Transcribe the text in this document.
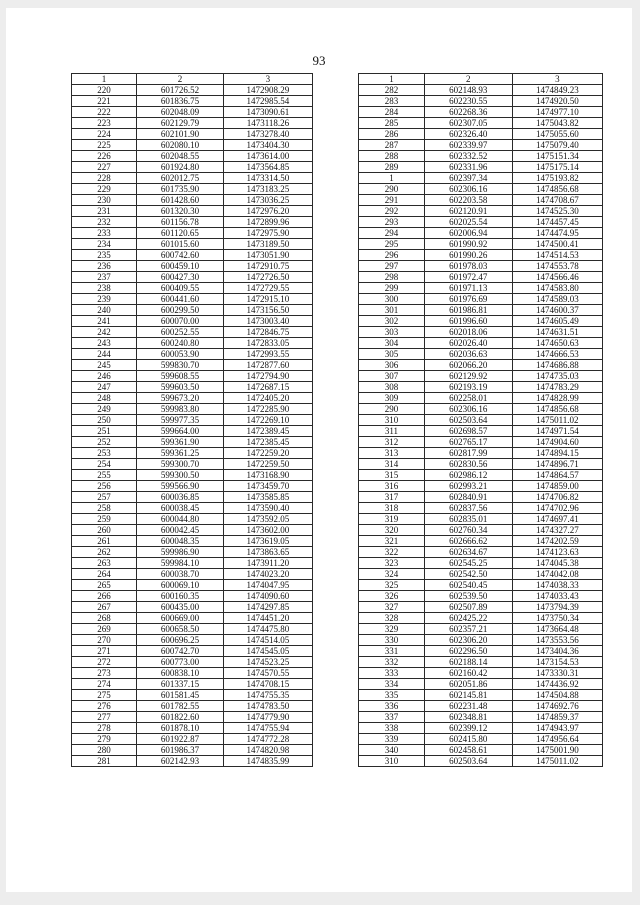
93
1	2	3
220	601726.52	1472908.29
221	601836.75	1472985.54
222	602048.09	1473090.61
223	602129.79	1473118.26
224	602101.90	1473278.40
225	602080.10	1473404.30
226	602048.55	1473614.00
227	601924.80	1473564.85
228	602012.75	1473314.50
229	601735.90	1473183.25
230	601428.60	1473036.25
231	601320.30	1472976.20
232	601156.78	1472899.96
233	601120.65	1472975.90
234	601015.60	1473189.50
235	600742.60	1473051.90
236	600459.10	1472910.75
237	600427.30	1472726.50
238	600409.55	1472729.55
239	600441.60	1472915.10
240	600299.50	1473156.50
241	600070.00	1473003.40
242	600252.55	1472846.75
243	600240.80	1472833.05
244	600053.90	1472993.55
245	599830.70	1472877.60
246	599608.55	1472794.90
247	599603.50	1472687.15
248	599673.20	1472405.20
249	599983.80	1472285.90
250	599977.35	1472269.10
251	599664.00	1472389.45
252	599361.90	1472385.45
253	599361.25	1472259.20
254	599300.70	1472259.50
255	599300.50	1473168.90
256	599566.90	1473459.70
257	600036.85	1473585.85
258	600038.45	1473590.40
259	600044.80	1473592.05
260	600042.45	1473602.00
261	600048.35	1473619.05
262	599986.90	1473863.65
263	599984.10	1473911.20
264	600038.70	1474023.20
265	600069.10	1474047.95
266	600160.35	1474090.60
267	600435.00	1474297.85
268	600669.00	1474451.20
269	600658.50	1474475.80
270	600696.25	1474514.05
271	600742.70	1474545.05
272	600773.00	1474523.25
273	600838.10	1474570.55
274	601337.15	1474708.15
275	601581.45	1474755.35
276	601782.55	1474783.50
277	601822.60	1474779.90
278	601878.10	1474755.94
279	601922.87	1474772.28
280	601986.37	1474820.98
281	602142.93	1474835.99
1	2	3
282	602148.93	1474849.23
283	602230.55	1474920.50
284	602268.36	1474977.10
285	602307.05	1475043.82
286	602326.40	1475055.60
287	602339.97	1475079.40
288	602332.52	1475151.34
289	602331.96	1475175.14
1	602397.34	1475193.82
290	602306.16	1474856.68
291	602203.58	1474708.67
292	602120.91	1474525.30
293	602025.54	1474457.45
294	602006.94	1474474.95
295	601990.92	1474500.41
296	601990.26	1474514.53
297	601978.03	1474553.78
298	601972.47	1474566.46
299	601971.13	1474583.80
300	601976.69	1474589.03
301	601986.81	1474600.37
302	601996.60	1474605.49
303	602018.06	1474631.51
304	602026.40	1474650.63
305	602036.63	1474666.53
306	602066.20	1474686.88
307	602129.92	1474735.03
308	602193.19	1474783.29
309	602258.01	1474828.99
290	602306.16	1474856.68
310	602503.64	1475011.02
311	602698.57	1474971.54
312	602765.17	1474904.60
313	602817.99	1474894.15
314	602830.56	1474896.71
315	602986.12	1474864.57
316	602993.21	1474859.00
317	602840.91	1474706.82
318	602837.56	1474702.96
319	602835.01	1474697.41
320	602760.34	1474327.27
321	602666.62	1474202.59
322	602634.67	1474123.63
323	602545.25	1474045.38
324	602542.50	1474042.08
325	602540.45	1474038.33
326	602539.50	1474033.43
327	602507.89	1473794.39
328	602425.22	1473750.34
329	602357.21	1473664.48
330	602306.20	1473553.56
331	602296.50	1473404.36
332	602188.14	1473154.53
333	602160.42	1473330.31
334	602051.86	1474436.92
335	602145.81	1474504.88
336	602231.48	1474692.76
337	602348.81	1474859.37
338	602399.12	1474943.97
339	602415.80	1474956.64
340	602458.61	1475001.90
310	602503.64	1475011.02
